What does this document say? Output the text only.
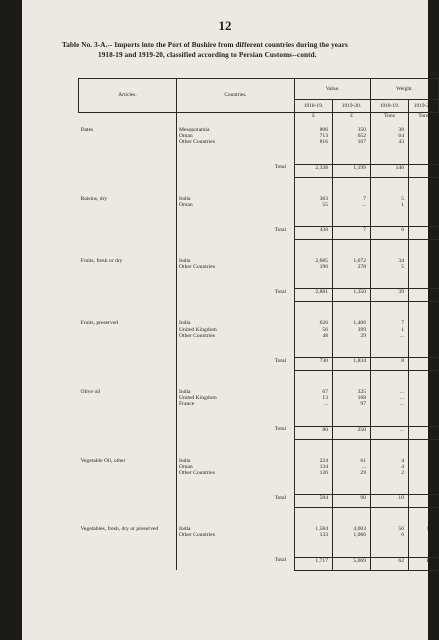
12
Table No. 3-A.-- Imports into the Port of Bushire from different countries during the years
1918-19 and 1919-20, classified according to Persian Customs--contd.
Articles.	Countries.	Value.		Weight.	
		1918-19.	1919-20.	1918-19.	1919-20.
		£	£	Tons	Tons

Dates	Mesopotamia	806	350	38	29
	Oman	713	652	64	21
	Other Countries	816	167	43	8

	Total	2,338	1,199	146	42

Raisins, dry	India	383	7	5	...
	Oman	55	...	1	...

	Total	438	7	6	...

Fruits, fresh or dry	India	2,685	1,072	34	20
	Other Countries	196	278	5	8

	Total	2,881	1,350	39	28

Fruits, preserved	India	626	1,406	7	10
	United Kingdom	56	399	1	2
	Other Countries	48	29	...	...

	Total	730	1,834	8	12

Olive oil	India	67	325	...	...
	United Kingdom	13	168	...	...
	France	...	97	...	...

	Total	80	250	...	...

Vegetable Oil, other	India	224	61	4	...
	Oman	134	...	4	...
	Other Countries	126	29	2	...

	Total	584	90	10	...

Vegetables, fresh, dry or preserved	India	1,584	4,003	56	111
	Other Countries	133	1,066	6	21

	Total	1,717	5,069	62	132
